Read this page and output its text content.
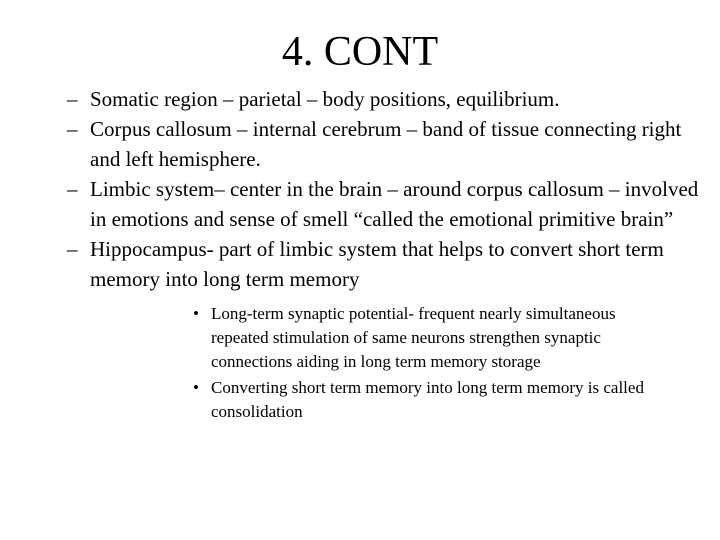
4. CONT
– Somatic region – parietal – body positions, equilibrium.
– Corpus callosum – internal cerebrum – band of tissue connecting right and left hemisphere.
– Limbic system– center in the brain – around corpus callosum – involved in emotions and sense of smell “called the emotional primitive brain”
– Hippocampus- part of limbic system that helps to convert short term memory into long term memory
• Long-term synaptic potential- frequent nearly simultaneous repeated stimulation of same neurons strengthen synaptic connections aiding in long term memory storage
• Converting short term memory into long term memory is called consolidation
